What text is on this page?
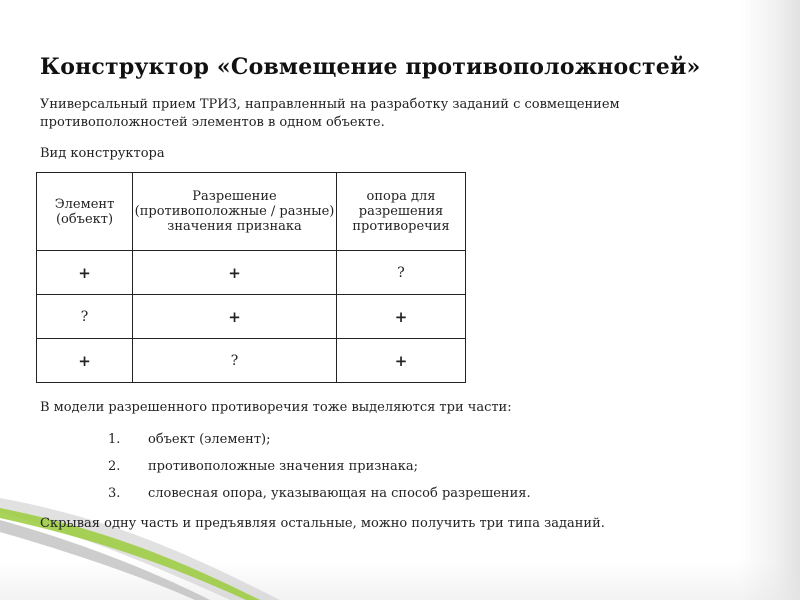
Конструктор «Совмещение противоположностей»
Универсальный прием ТРИЗ, направленный на разработку заданий с совмещением противоположностей элементов в одном объекте.
Вид конструктора
Элемент (объект)	Разрешение (противоположные / разные) значения признака	опора для разрешения противоречия
+	+	?
?	+	+
+	?	+
В модели разрешенного противоречия тоже выделяются три части:
1.	объект (элемент);
2.	противоположные значения признака;
3.	словесная опора, указывающая на способ разрешения.
Скрывая одну часть и предъявляя остальные, можно получить три типа заданий.
